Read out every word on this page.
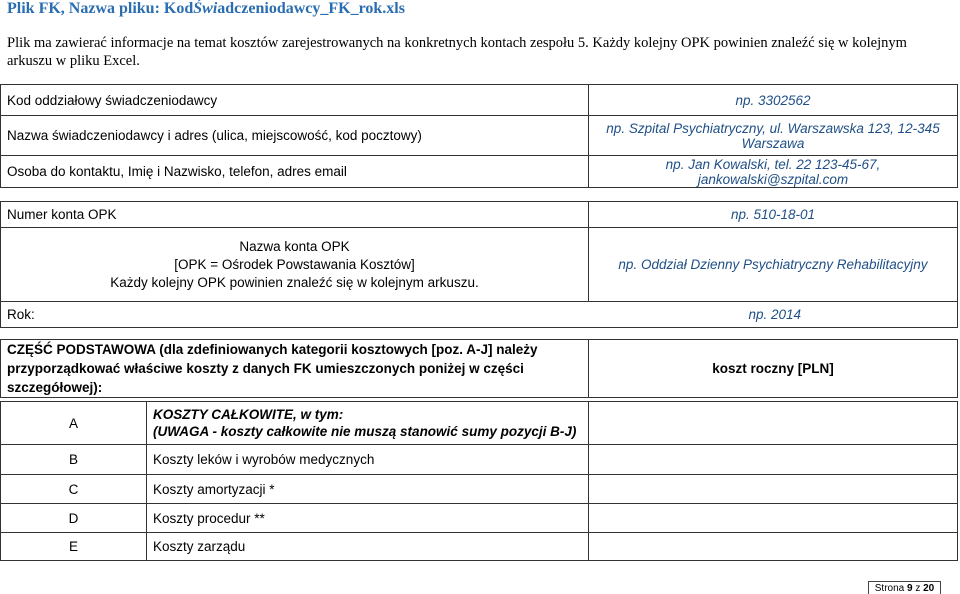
Plik FK, Nazwa pliku: KodŚwiadczeniodawcy_FK_rok.xls
Plik ma zawierać informacje na temat kosztów zarejestrowanych na konkretnych kontach zespołu 5. Każdy kolejny OPK powinien znaleźć się w kolejnym arkuszu w pliku Excel.
Kod oddziałowy świadczeniodawcy	np. 3302562
Nazwa świadczeniodawcy i adres (ulica, miejscowość, kod pocztowy)	np. Szpital Psychiatryczny, ul. Warszawska 123, 12-345 Warszawa
Osoba do kontaktu, Imię i Nazwisko, telefon, adres email	np. Jan Kowalski, tel. 22 123-45-67, jankowalski@szpital.com
Numer konta OPK	np. 510-18-01

Nazwa konta OPK
[OPK = Ośrodek Powstawania Kosztów]
Każdy kolejny OPK powinien znaleźć się w kolejnym arkuszu.	np. Oddział Dzienny Psychiatryczny Rehabilitacyjny
Rok: np. 2014	
CZĘŚĆ PODSTAWOWA (dla zdefiniowanych kategorii kosztowych [poz. A-J] należy przyporządkować właściwe koszty z danych FK umieszczonych poniżej w części szczegółowej):	koszt roczny [PLN]
A	KOSZTY CAŁKOWITE, w tym:
(UWAGA - koszty całkowite nie muszą stanowić sumy pozycji B-J)	

B	Koszty leków i wyrobów medycznych	
C	Koszty amortyzacji *	
D	Koszty procedur **	
E	Koszty zarządu	
Strona 9 z 20
